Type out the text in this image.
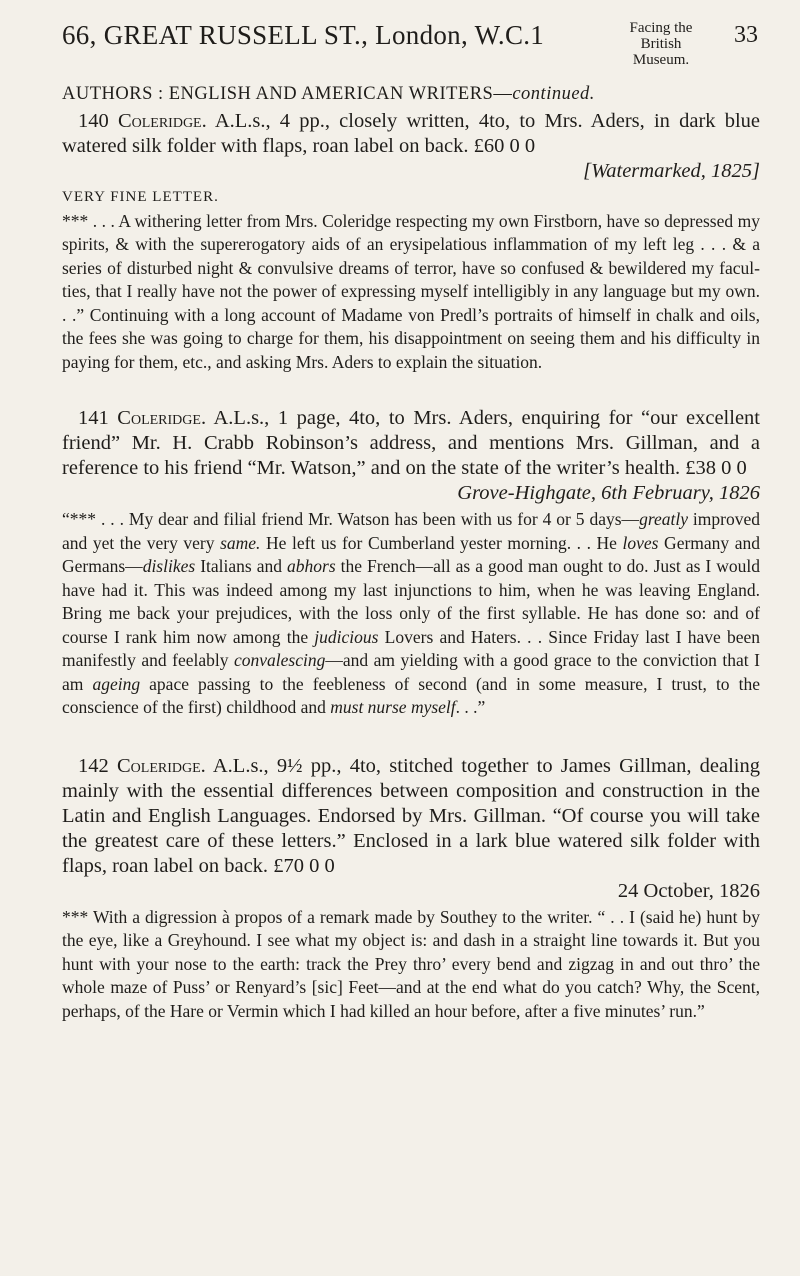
66, GREAT RUSSELL ST., London, W.C.1	Facing the
British Museum.
33
AUTHORS : ENGLISH AND AMERICAN WRITERS—continued.
140 Coleridge. A.L.s., 4 pp., closely written, 4to, to Mrs. Aders, in dark blue watered silk folder with flaps, roan label on back. £60 0 0
[Watermarked, 1825]
VERY FINE LETTER.
*** . . . A withering letter from Mrs. Coleridge respecting my own Firstborn, have so depressed my spirits, & with the supererogatory aids of an erysipelatious inflammation of my left leg . . . & a series of disturbed night & convulsive dreams of terror, have so confused & bewildered my faculties, that I really have not the power of expressing myself intelligibly in any language but my own. . .” Continuing with a long account of Madame von Predl’s portraits of himself in chalk and oils, the fees she was going to charge for them, his disappointment on seeing them and his difficulty in paying for them, etc., and asking Mrs. Aders to explain the situation.
141 Coleridge. A.L.s., 1 page, 4to, to Mrs. Aders, enquiring for “our excellent friend” Mr. H. Crabb Robinson’s address, and mentions Mrs. Gillman, and a reference to his friend “Mr. Watson,” and on the state of the writer’s health. £38 0 0
Grove-Highgate, 6th February, 1826
“*** . . . My dear and filial friend Mr. Watson has been with us for 4 or 5 days—greatly improved and yet the very very same. He left us for Cumberland yester morning. . . He loves Germany and Germans—dislikes Italians and abhors the French—all as a good man ought to do. Just as I would have had it. This was indeed among my last injunctions to him, when he was leaving England. Bring me back your prejudices, with the loss only of the first syllable. He has done so: and of course I rank him now among the judicious Lovers and Haters. . . Since Friday last I have been manifestly and feelably convalescing—and am yielding with a good grace to the conviction that I am ageing apace passing to the feebleness of second (and in some measure, I trust, to the conscience of the first) childhood and must nurse myself. . .”
142 Coleridge. A.L.s., 9½ pp., 4to, stitched together to James Gillman, dealing mainly with the essential differences between composition and construction in the Latin and English Languages. Endorsed by Mrs. Gillman. “Of course you will take the greatest care of these letters.” Enclosed in a lark blue watered silk folder with flaps, roan label on back. £70 0 0
24 October, 1826
*** With a digression à propos of a remark made by Southey to the writer. “ . . I (said he) hunt by the eye, like a Greyhound. I see what my object is: and dash in a straight line towards it. But you hunt with your nose to the earth: track the Prey thro’ every bend and zigzag in and out thro’ the whole maze of Puss’ or Renyard’s [sic] Feet—and at the end what do you catch? Why, the Scent, perhaps, of the Hare or Vermin which I had killed an hour before, after a five minutes’ run.”
